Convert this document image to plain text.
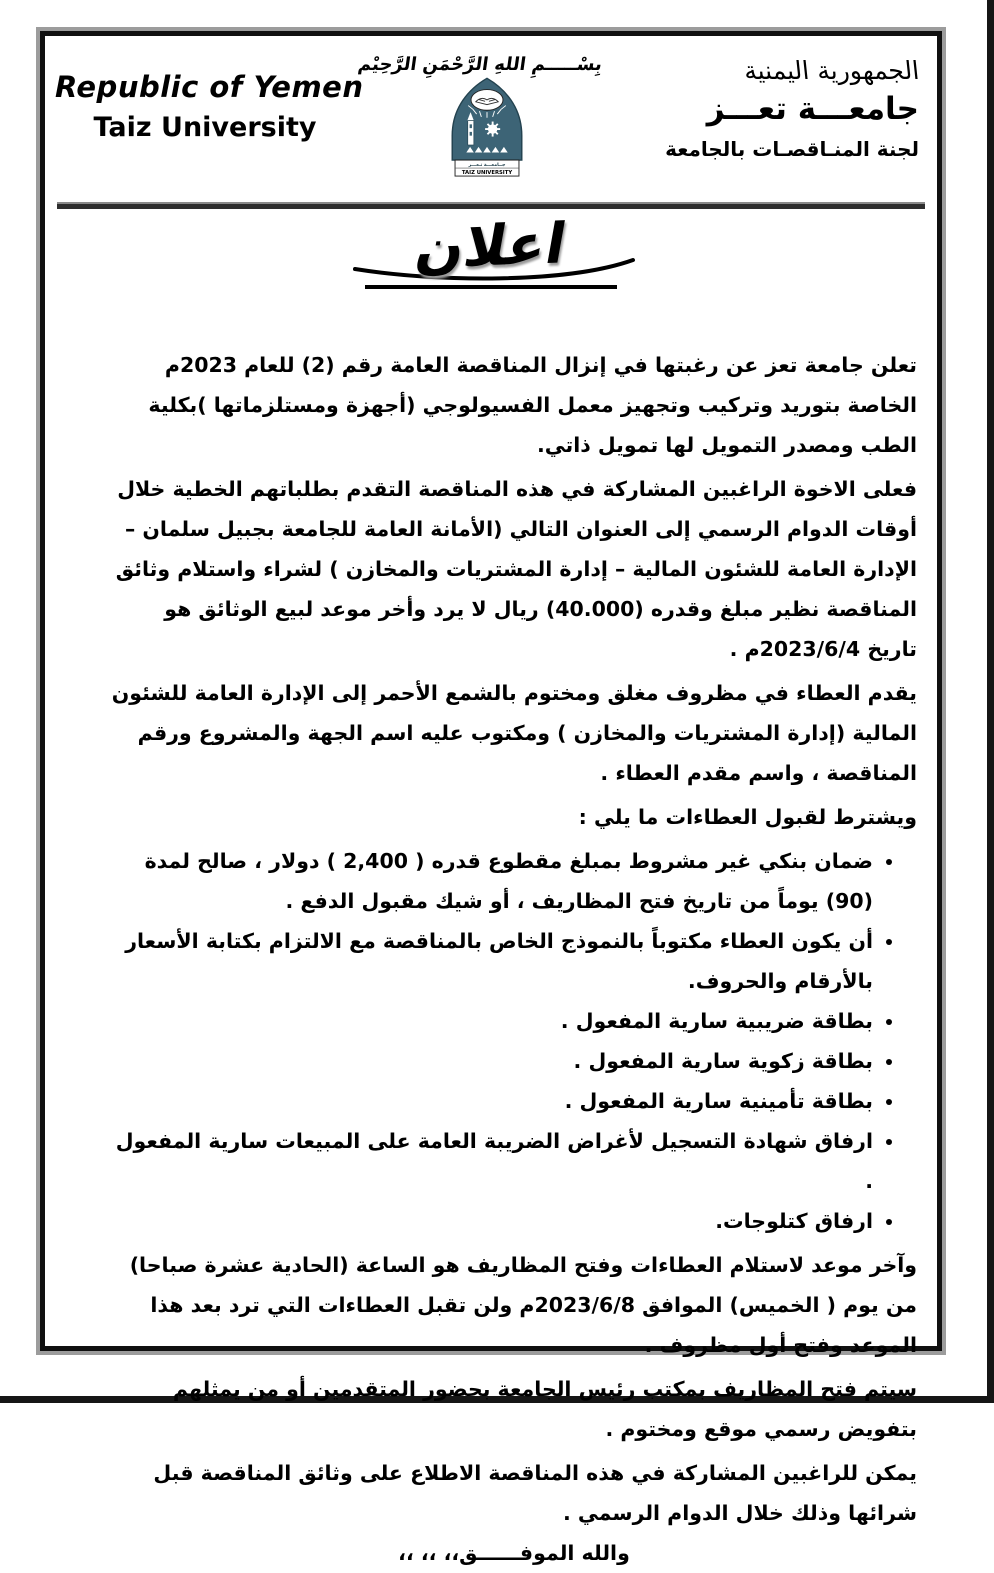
Republic of Yemen
Taiz University
بِسْـــــمِ اللهِ الرَّحْمَنِ الرَّحِيْم
جــامعـــة تـعـــز
TAIZ UNIVERSITY
الجمهورية اليمنية
جامعـــة تعـــز
لجنة المنـاقصـات بالجامعة
اعلان

تعلن جامعة تعز عن رغبتها في إنزال المناقصة العامة رقم (2) للعام 2023م الخاصة بتوريد وتركيب وتجهيز معمل الفسيولوجي (أجهزة ومستلزماتها )بكلية الطب ومصدر التمويل لها تمويل ذاتي.

فعلى الاخوة الراغبين المشاركة في هذه المناقصة التقدم بطلباتهم الخطية خلال أوقات الدوام الرسمي إلى العنوان التالي (الأمانة العامة للجامعة بجبيل سلمان – الإدارة العامة للشئون المالية – إدارة المشتريات والمخازن ) لشراء واستلام وثائق المناقصة نظير مبلغ وقدره (40.000) ريال لا يرد وأخر موعد لبيع الوثائق هو تاريخ 2023/6/4م .

يقدم العطاء في مظروف مغلق ومختوم بالشمع الأحمر إلى الإدارة العامة للشئون المالية (إدارة المشتريات والمخازن ) ومكتوب عليه اسم الجهة والمشروع ورقم المناقصة ، واسم مقدم العطاء .

ويشترط لقبول العطاءات ما يلي :

• ضمان بنكي غير مشروط بمبلغ مقطوع قدره ( 2,400 ) دولار ، صالح لمدة (90) يوماً من تاريخ فتح المظاريف ، أو شيك مقبول الدفع .
• أن يكون العطاء مكتوباً بالنموذج الخاص بالمناقصة مع الالتزام بكتابة الأسعار بالأرقام والحروف.
• بطاقة ضريبية سارية المفعول .
• بطاقة زكوية سارية المفعول .
• بطاقة تأمينية سارية المفعول .
• ارفاق شهادة التسجيل لأغراض الضريبة العامة على المبيعات سارية المفعول .
• ارفاق كتلوجات.

وآخر موعد لاستلام العطاءات وفتح المظاريف هو الساعة (الحادية عشرة صباحا) من يوم ( الخميس) الموافق 2023/6/8م ولن تقبل العطاءات التي ترد بعد هذا الموعد وفتح أول مظروف .

سيتم فتح المظاريف بمكتب رئيس الجامعة بحضور المتقدمين أو من يمثلهم بتفويض رسمي موقع ومختوم .

يمكن للراغبين المشاركة في هذه المناقصة الاطلاع على وثائق المناقصة قبل شرائها وذلك خلال الدوام الرسمي .

والله الموفــــــق،، ،، ،،
